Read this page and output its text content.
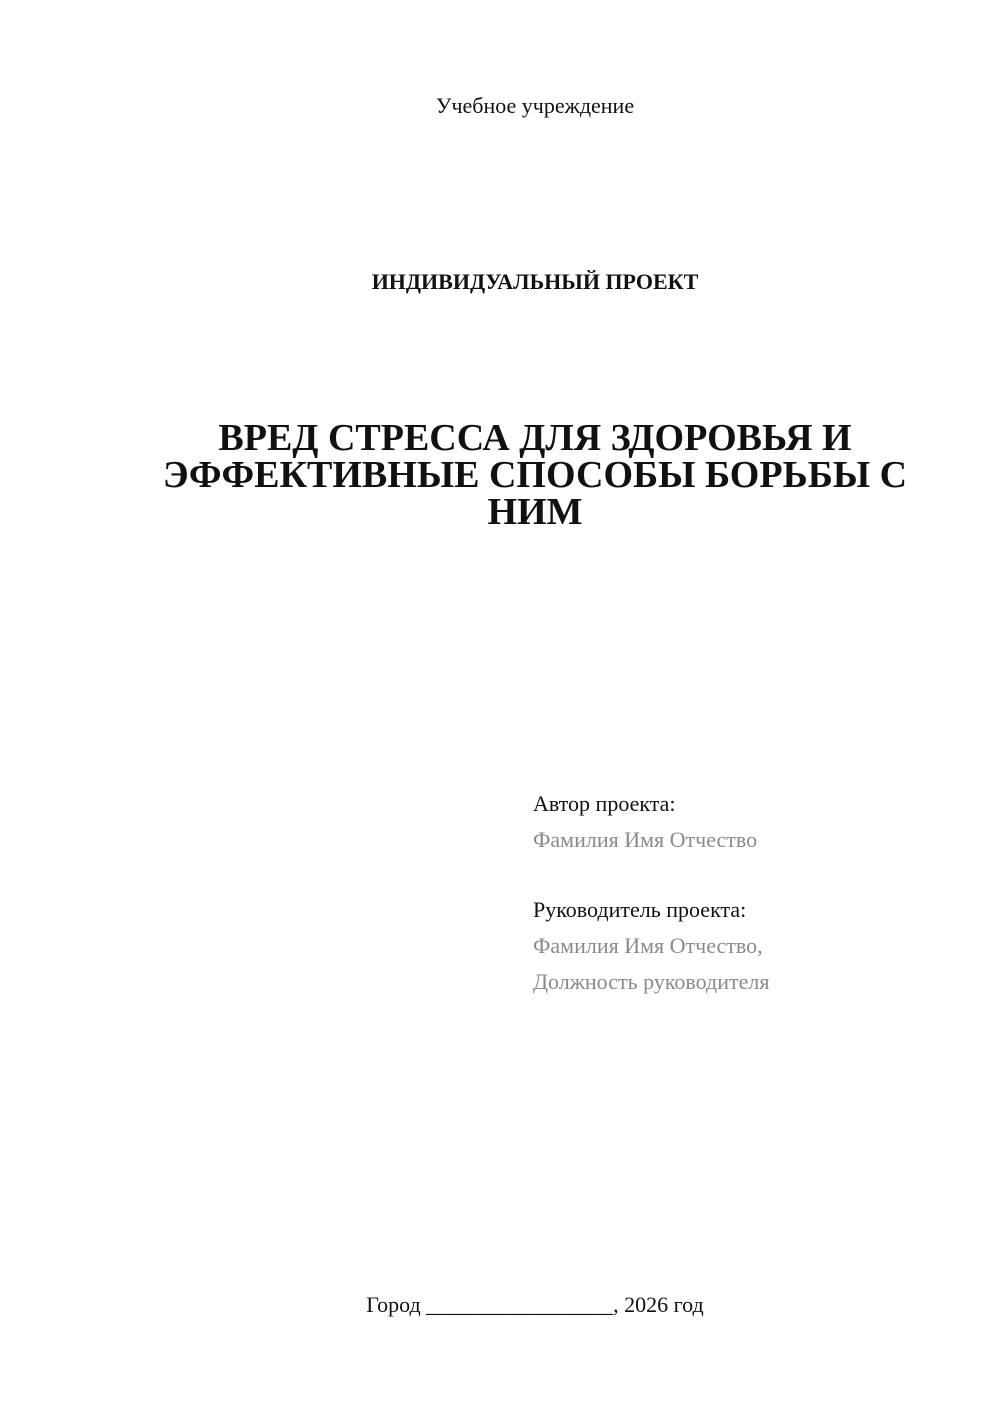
Учебное учреждение
ИНДИВИДУАЛЬНЫЙ ПРОЕКТ
ВРЕД СТРЕССА ДЛЯ ЗДОРОВЬЯ И
ЭФФЕКТИВНЫЕ СПОСОБЫ БОРЬБЫ С
НИМ
Автор проекта:
Фамилия Имя Отчество
Руководитель проекта:
Фамилия Имя Отчество,
Должность руководителя
Город _________________, 2026 год
